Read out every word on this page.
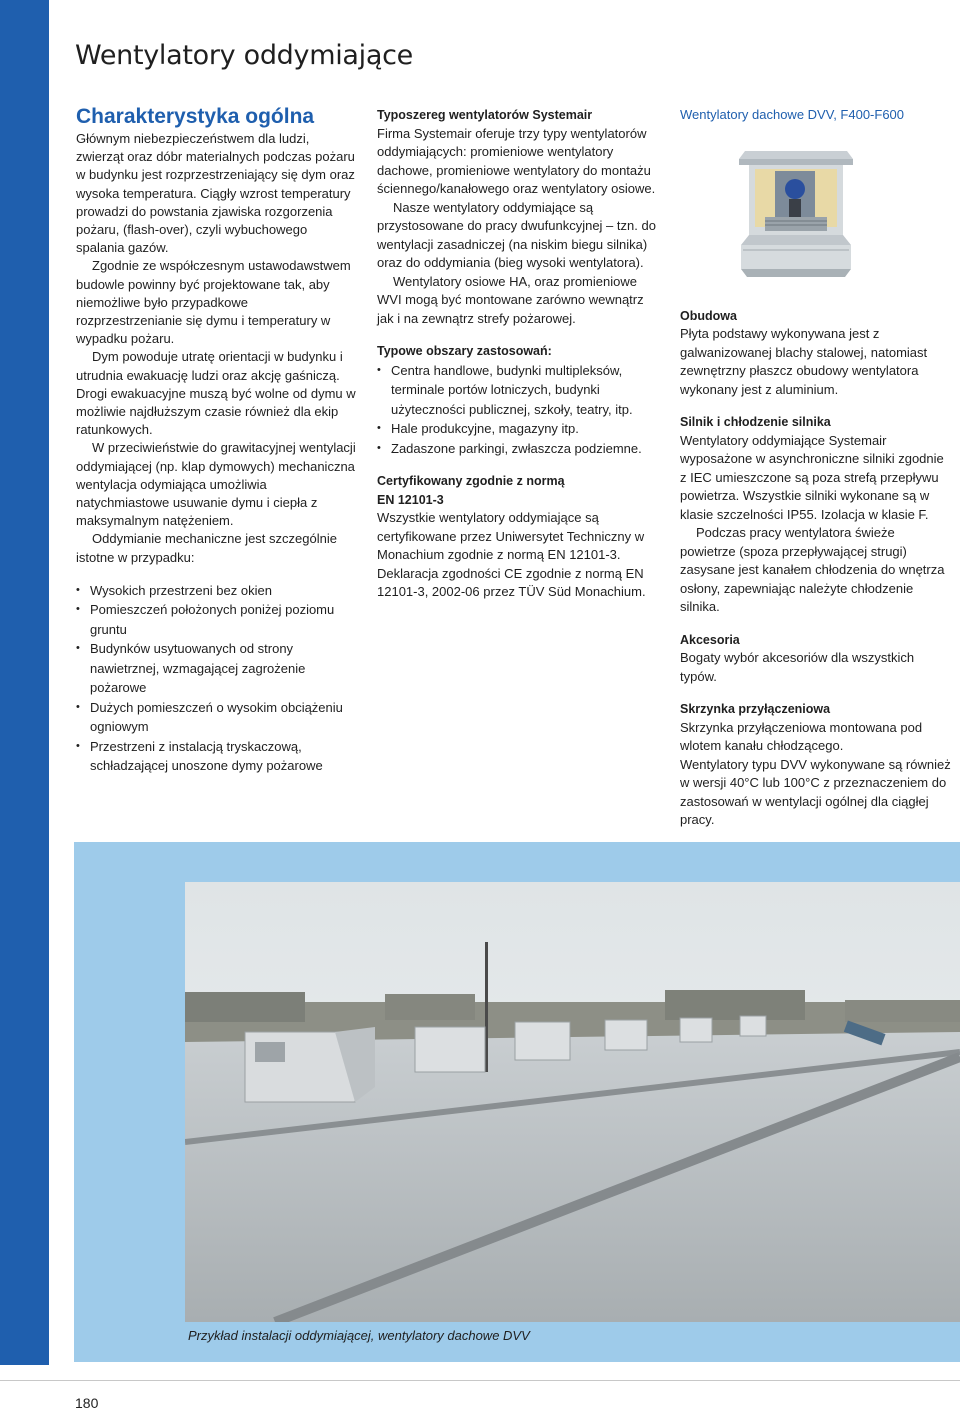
Wentylatory oddymiające
Charakterystyka ogólna

Głównym niebezpieczeństwem dla ludzi, zwierząt oraz dóbr materialnych podczas pożaru w budynku jest rozprzestrzeniający się dym oraz wysoka temperatura. Ciągły wzrost temperatury prowadzi do powstania zjawiska rozgorzenia pożaru, (flash-over), czyli wybuchowego spalania gazów.

Zgodnie ze współczesnym ustawodawstwem budowle powinny być projektowane tak, aby niemożliwe było przypadkowe rozprzestrzenianie się dymu i temperatury w wypadku pożaru.

Dym powoduje utratę orientacji w budynku i utrudnia ewakuację ludzi oraz akcję gaśniczą. Drogi ewakuacyjne muszą być wolne od dymu w możliwie najdłuższym czasie również dla ekip ratunkowych.

W przeciwieństwie do grawitacyjnej wentylacji oddymiającej (np. klap dymowych) mechaniczna wentylacja odymiająca umożliwia natychmiastowe usuwanie dymu i ciepła z maksymalnym natężeniem.

Oddymianie mechaniczne jest szczególnie istotne w przypadku:

• Wysokich przestrzeni bez okien
• Pomieszczeń położonych poniżej poziomu gruntu
• Budynków usytuowanych od strony nawietrznej, wzmagającej zagrożenie pożarowe
• Dużych pomieszczeń o wysokim obciążeniu ogniowym
• Przestrzeni z instalacją tryskaczową, schładzającej unoszone dymy pożarowe

Typoszereg wentylatorów Systemair

Firma Systemair oferuje trzy typy wentylatorów oddymiających: promieniowe wentylatory dachowe, promieniowe wentylatory do montażu ściennego/kanałowego oraz wentylatory osiowe.

Nasze wentylatory oddymiające są przystosowane do pracy dwufunkcyjnej – tzn. do wentylacji zasadniczej (na niskim biegu silnika) oraz do oddymiania (bieg wysoki wentylatora).

Wentylatory osiowe HA, oraz promieniowe WVI mogą być montowane zarówno wewnątrz jak i na zewnątrz strefy pożarowej.

Typowe obszary zastosowań:

• Centra handlowe, budynki multipleksów, terminale portów lotniczych, budynki użyteczności publicznej, szkoły, teatry, itp.
• Hale produkcyjne, magazyny itp.
• Zadaszone parkingi, zwłaszcza podziemne.

Certyfikowany zgodnie z normą

EN 12101-3

Wszystkie wentylatory oddymiające są certyfikowane przez Uniwersytet Techniczny w Monachium zgodnie z normą EN 12101-3. Deklaracja zgodności CE zgodnie z normą EN 12101-3, 2002-06 przez TÜV Süd Monachium.

Wentylatory dachowe DVV, F400-F600

Obudowa

Płyta podstawy wykonywana jest z galwanizowanej blachy stalowej, natomiast zewnętrzny płaszcz obudowy wentylatora wykonany jest z aluminium.

Silnik i chłodzenie silnika

Wentylatory oddymiające Systemair wyposażone w asynchroniczne silniki zgodnie z IEC umieszczone są poza strefą przepływu powietrza. Wszystkie silniki wykonane są w klasie szczelności IP55. Izolacja w klasie F.

Podczas pracy wentylatora świeże powietrze (spoza przepływającej strugi) zasysane jest kanałem chłodzenia do wnętrza osłony, zapewniając należyte chłodzenie silnika.

Akcesoria

Bogaty wybór akcesoriów dla wszystkich typów.

Skrzynka przyłączeniowa

Skrzynka przyłączeniowa montowana pod wlotem kanału chłodzącego.

Wentylatory typu DVV wykonywane są również w wersji 40°C lub 100°C z przeznaczeniem do zastosowań w wentylacji ogólnej dla ciągłej pracy.

Przykład instalacji oddymiającej, wentylatory dachowe DVV
180
